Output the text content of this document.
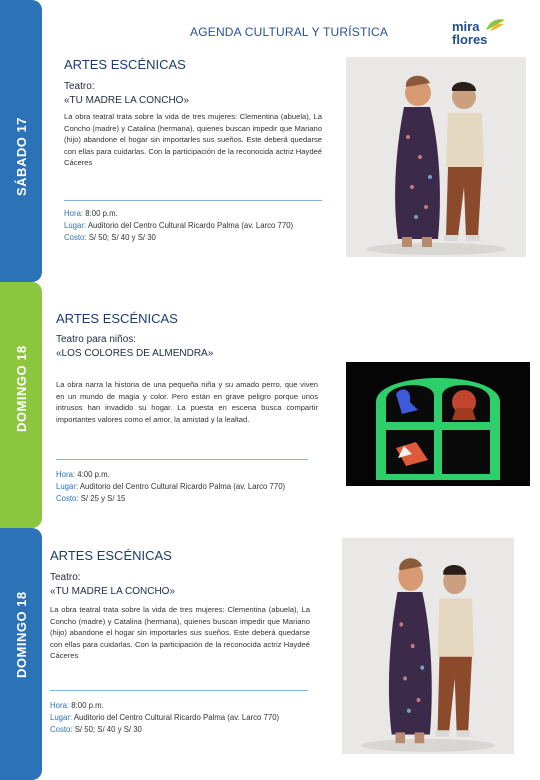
AGENDA CULTURAL Y TURÍSTICA	mira
flores
SÁBADO 17
DOMINGO 18
DOMINGO 18
ARTES ESCÉNICAS
Teatro:
«TU MADRE LA CONCHO»
La obra teatral trata sobre la vida de tres mujeres: Clementina (abuela), La Concho (madre) y Catalina (hermana), quienes buscan impedir que Mariano (hijo) abandone el hogar sin importarles sus sueños. Este deberá quedarse con ellas para cuidarlas. Con la participación de la reconocida actriz Haydeé Cáceres
Hora: 8:00 p.m.
Lugar: Auditorio del Centro Cultural Ricardo Palma (av. Larco 770)
Costo: S/ 50; S/ 40 y S/ 30
ARTES ESCÉNICAS
Teatro para niños:
«LOS COLORES DE ALMENDRA»
La obra narra la historia de una pequeña niña y su amado perro, que viven en un mundo de magia y color. Pero están en grave peligro porque unos intrusos han invadido su hogar. La puesta en escena busca compartir importantes valores como el amor, la amistad y la lealtad.
Hora: 4:00 p.m.
Lugar: Auditorio del Centro Cultural Ricardo Palma (av. Larco 770)
Costo: S/ 25 y S/ 15
ARTES ESCÉNICAS
Teatro:
«TU MADRE LA CONCHO»
La obra teatral trata sobre la vida de tres mujeres: Clementina (abuela), La Concho (madre) y Catalina (hermana), quienes buscan impedir que Mariano (hijo) abandone el hogar sin importarles sus sueños. Este deberá quedarse con ellas para cuidarlas. Con la participación de la reconocida actriz Haydeé Cáceres
Hora: 8:00 p.m.
Lugar: Auditorio del Centro Cultural Ricardo Palma (av. Larco 770)
Costo: S/ 50; S/ 40 y S/ 30
